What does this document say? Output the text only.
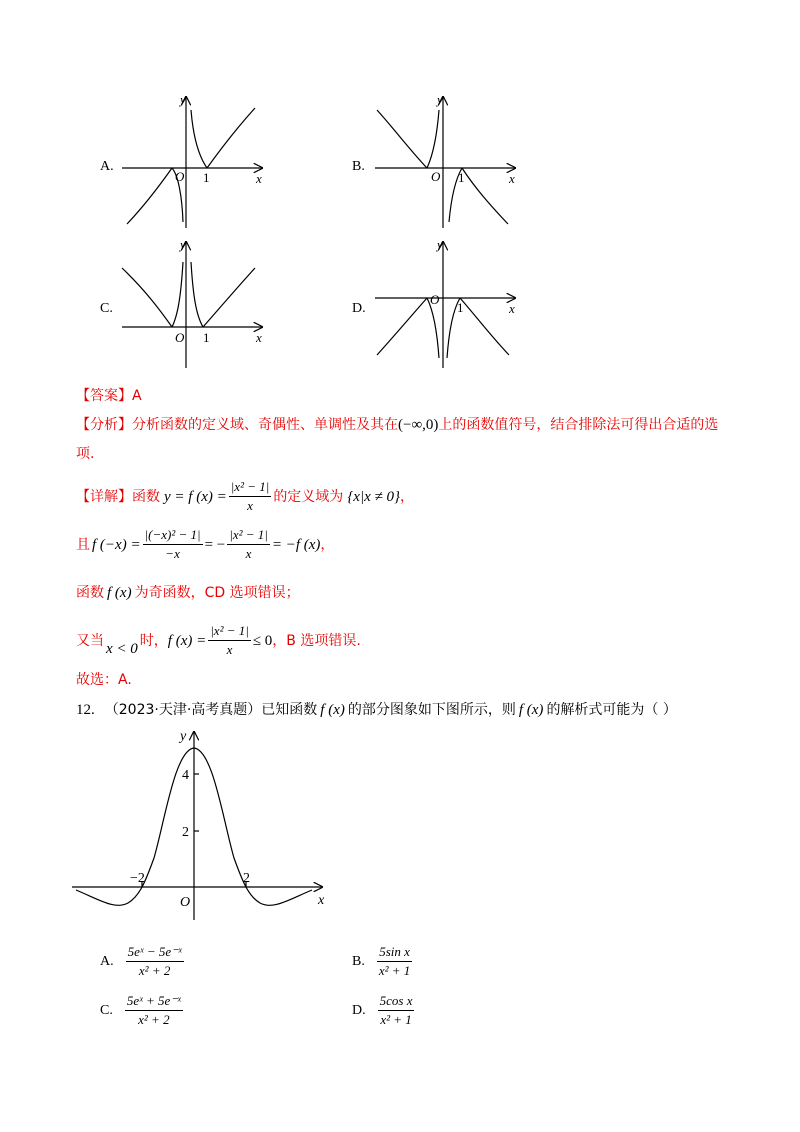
A.	B.
C.	D.
y
x
O 1
y
x
O 1
y
x
O 1
y
x
O
1
【答案】A
【分析】分析函数的定义域、奇偶性、单调性及其在(−∞,0)上的函数值符号，结合排除法可得出合适的选
项.
【详解】 函数 y = f $(x) = \frac{\text{|x² − 1|}}{x}$ 的定义域为 {x|x ≠ 0} ，
且 f $(-x) = \frac{\text{|(−x)² − 1|}}{-x}$ = − $\frac{\text{|x² − 1|}}{x} = -f$ (x) ，
函数 f (x) 为奇函数，CD 选项错误；
又当 x < 0 时， f $(x) = \frac{\text{|x² − 1|}}{x} \le 0$ ，B 选项错误.
故选：A.
12. （2023·天津·高考真题）已知函数 f (x) 的部分图象如下图所示，则 f (x) 的解析式可能为（ ）
y
x
O
4
2
−2	2
A. $\frac{\text{5eˣ − 5e⁻ˣ}}{\text{x² + 2}}$	B. $\frac{\text{5sin x}}{\text{x² + 1}}$
C. $\frac{\text{5eˣ + 5e⁻ˣ}}{\text{x² + 2}}$	D. $\frac{\text{5cos x}}{\text{x² + 1}}$
